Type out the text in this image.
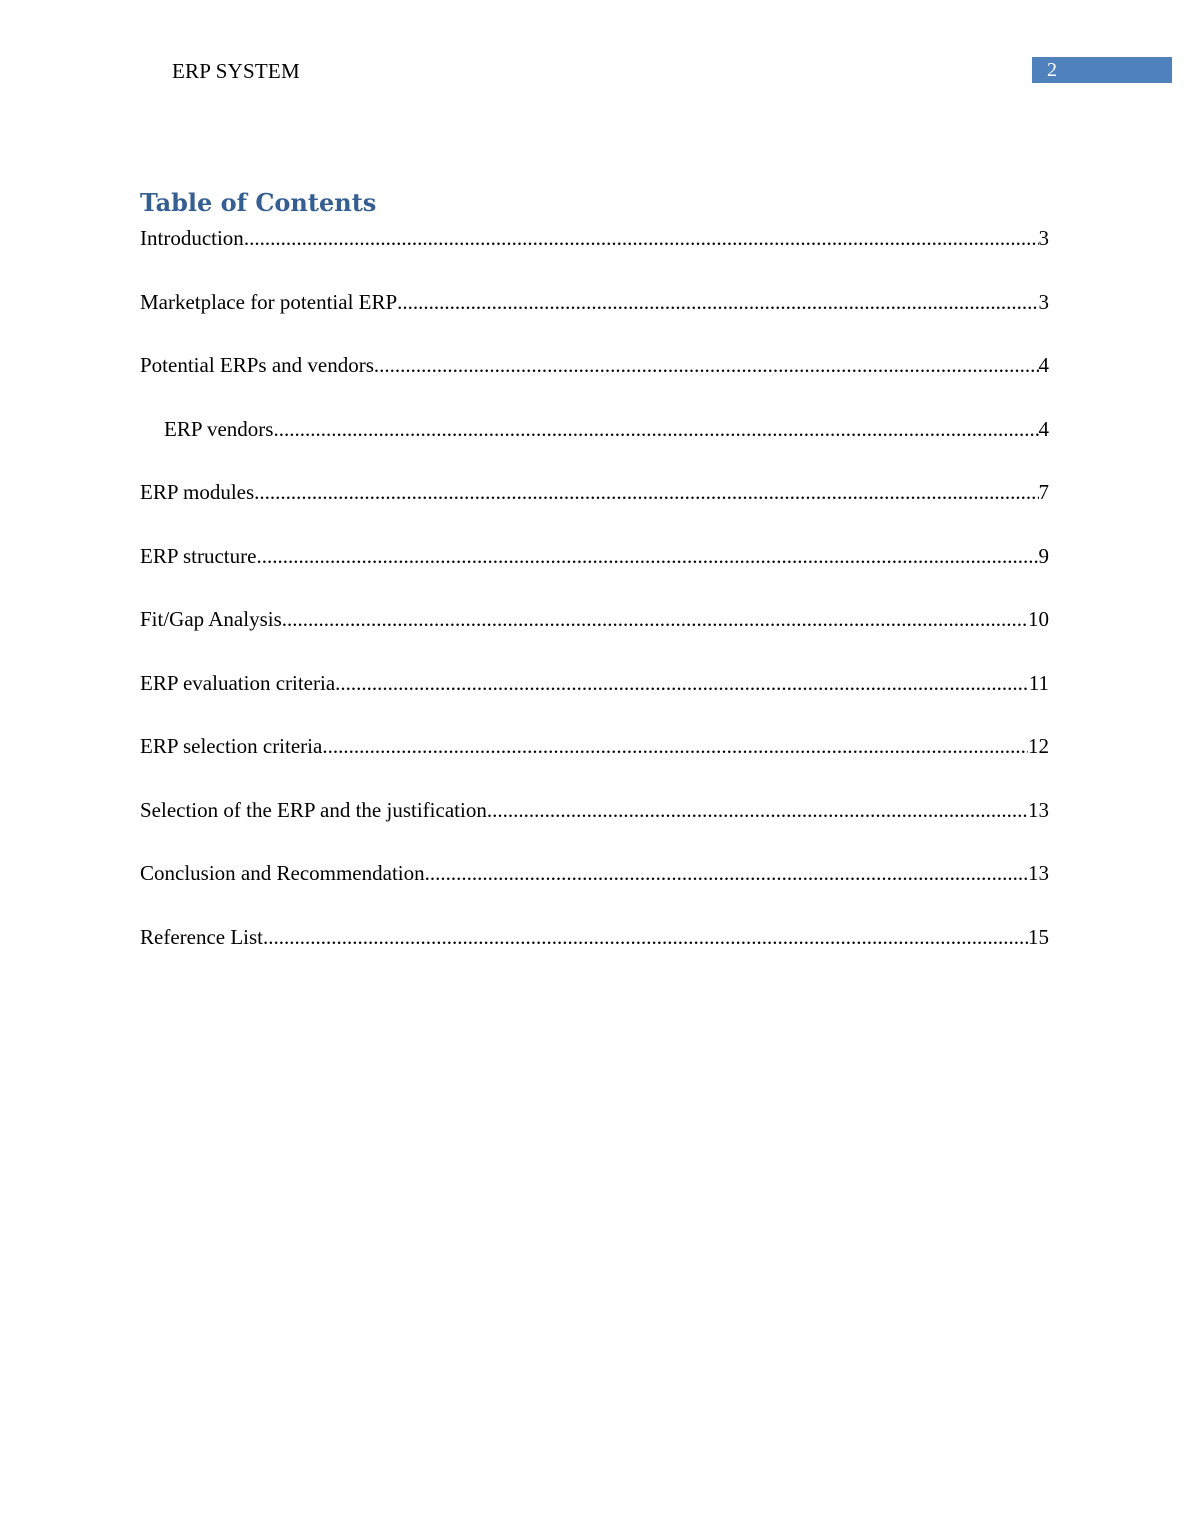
ERP SYSTEM	2
Table of Contents
Introduction .....	3
Marketplace for potential ERP .....	3
Potential ERPs and vendors .....	4
ERP vendors .....	4
ERP modules .....	7
ERP structure .....	9
Fit/Gap Analysis .....	10
ERP evaluation criteria .....	11
ERP selection criteria .....	12
Selection of the ERP and the justification .....	13
Conclusion and Recommendation .....	13
Reference List .....	15
